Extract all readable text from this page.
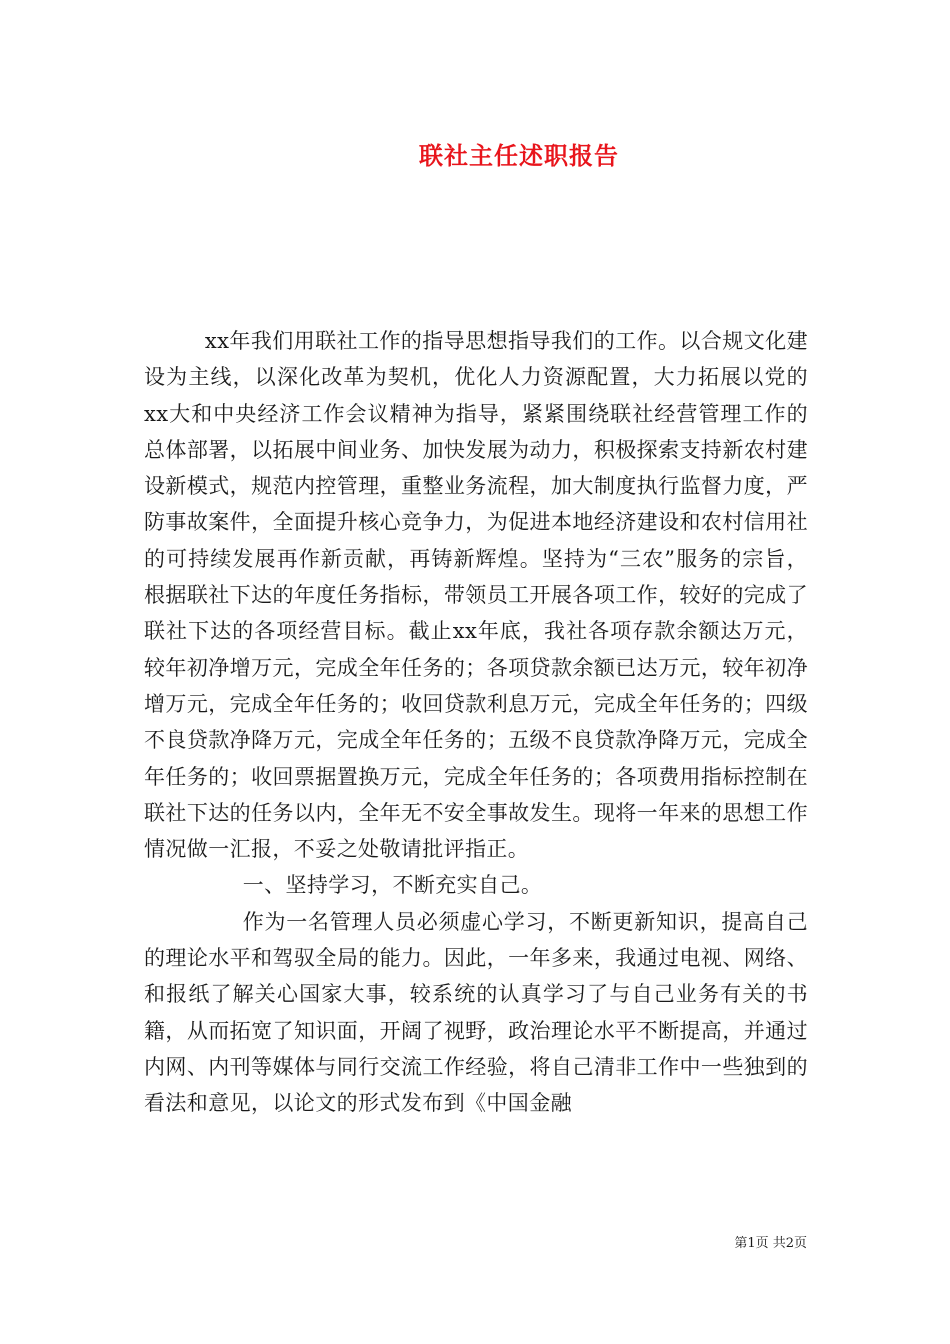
联社主任述职报告

xx年我们用联社工作的指导思想指导我们的工作。以合规文化建设为主线，以深化改革为契机，优化人力资源配置，大力拓展以党的xx大和中央经济工作会议精神为指导，紧紧围绕联社经营管理工作的总体部署，以拓展中间业务、加快发展为动力，积极探索支持新农村建设新模式，规范内控管理，重整业务流程，加大制度执行监督力度，严防事故案件，全面提升核心竞争力，为促进本地经济建设和农村信用社的可持续发展再作新贡献，再铸新辉煌。坚持为“三农”服务的宗旨，根据联社下达的年度任务指标，带领员工开展各项工作，较好的完成了联社下达的各项经营目标。截止xx年底，我社各项存款余额达万元，较年初净增万元，完成全年任务的；各项贷款余额已达万元，较年初净增万元，完成全年任务的；收回贷款利息万元，完成全年任务的；四级不良贷款净降万元，完成全年任务的；五级不良贷款净降万元，完成全年任务的；收回票据置换万元，完成全年任务的；各项费用指标控制在联社下达的任务以内，全年无不安全事故发生。现将一年来的思想工作情况做一汇报，不妥之处敬请批评指正。

一、坚持学习，不断充实自己。

作为一名管理人员必须虚心学习，不断更新知识，提高自己的理论水平和驾驭全局的能力。因此，一年多来，我通过电视、网络、和报纸了解关心国家大事，较系统的认真学习了与自己业务有关的书籍，从而拓宽了知识面，开阔了视野，政治理论水平不断提高，并通过内网、内刊等媒体与同行交流工作经验，将自己清非工作中一些独到的看法和意见，以论文的形式发布到《中国金融

第1页 共2页
